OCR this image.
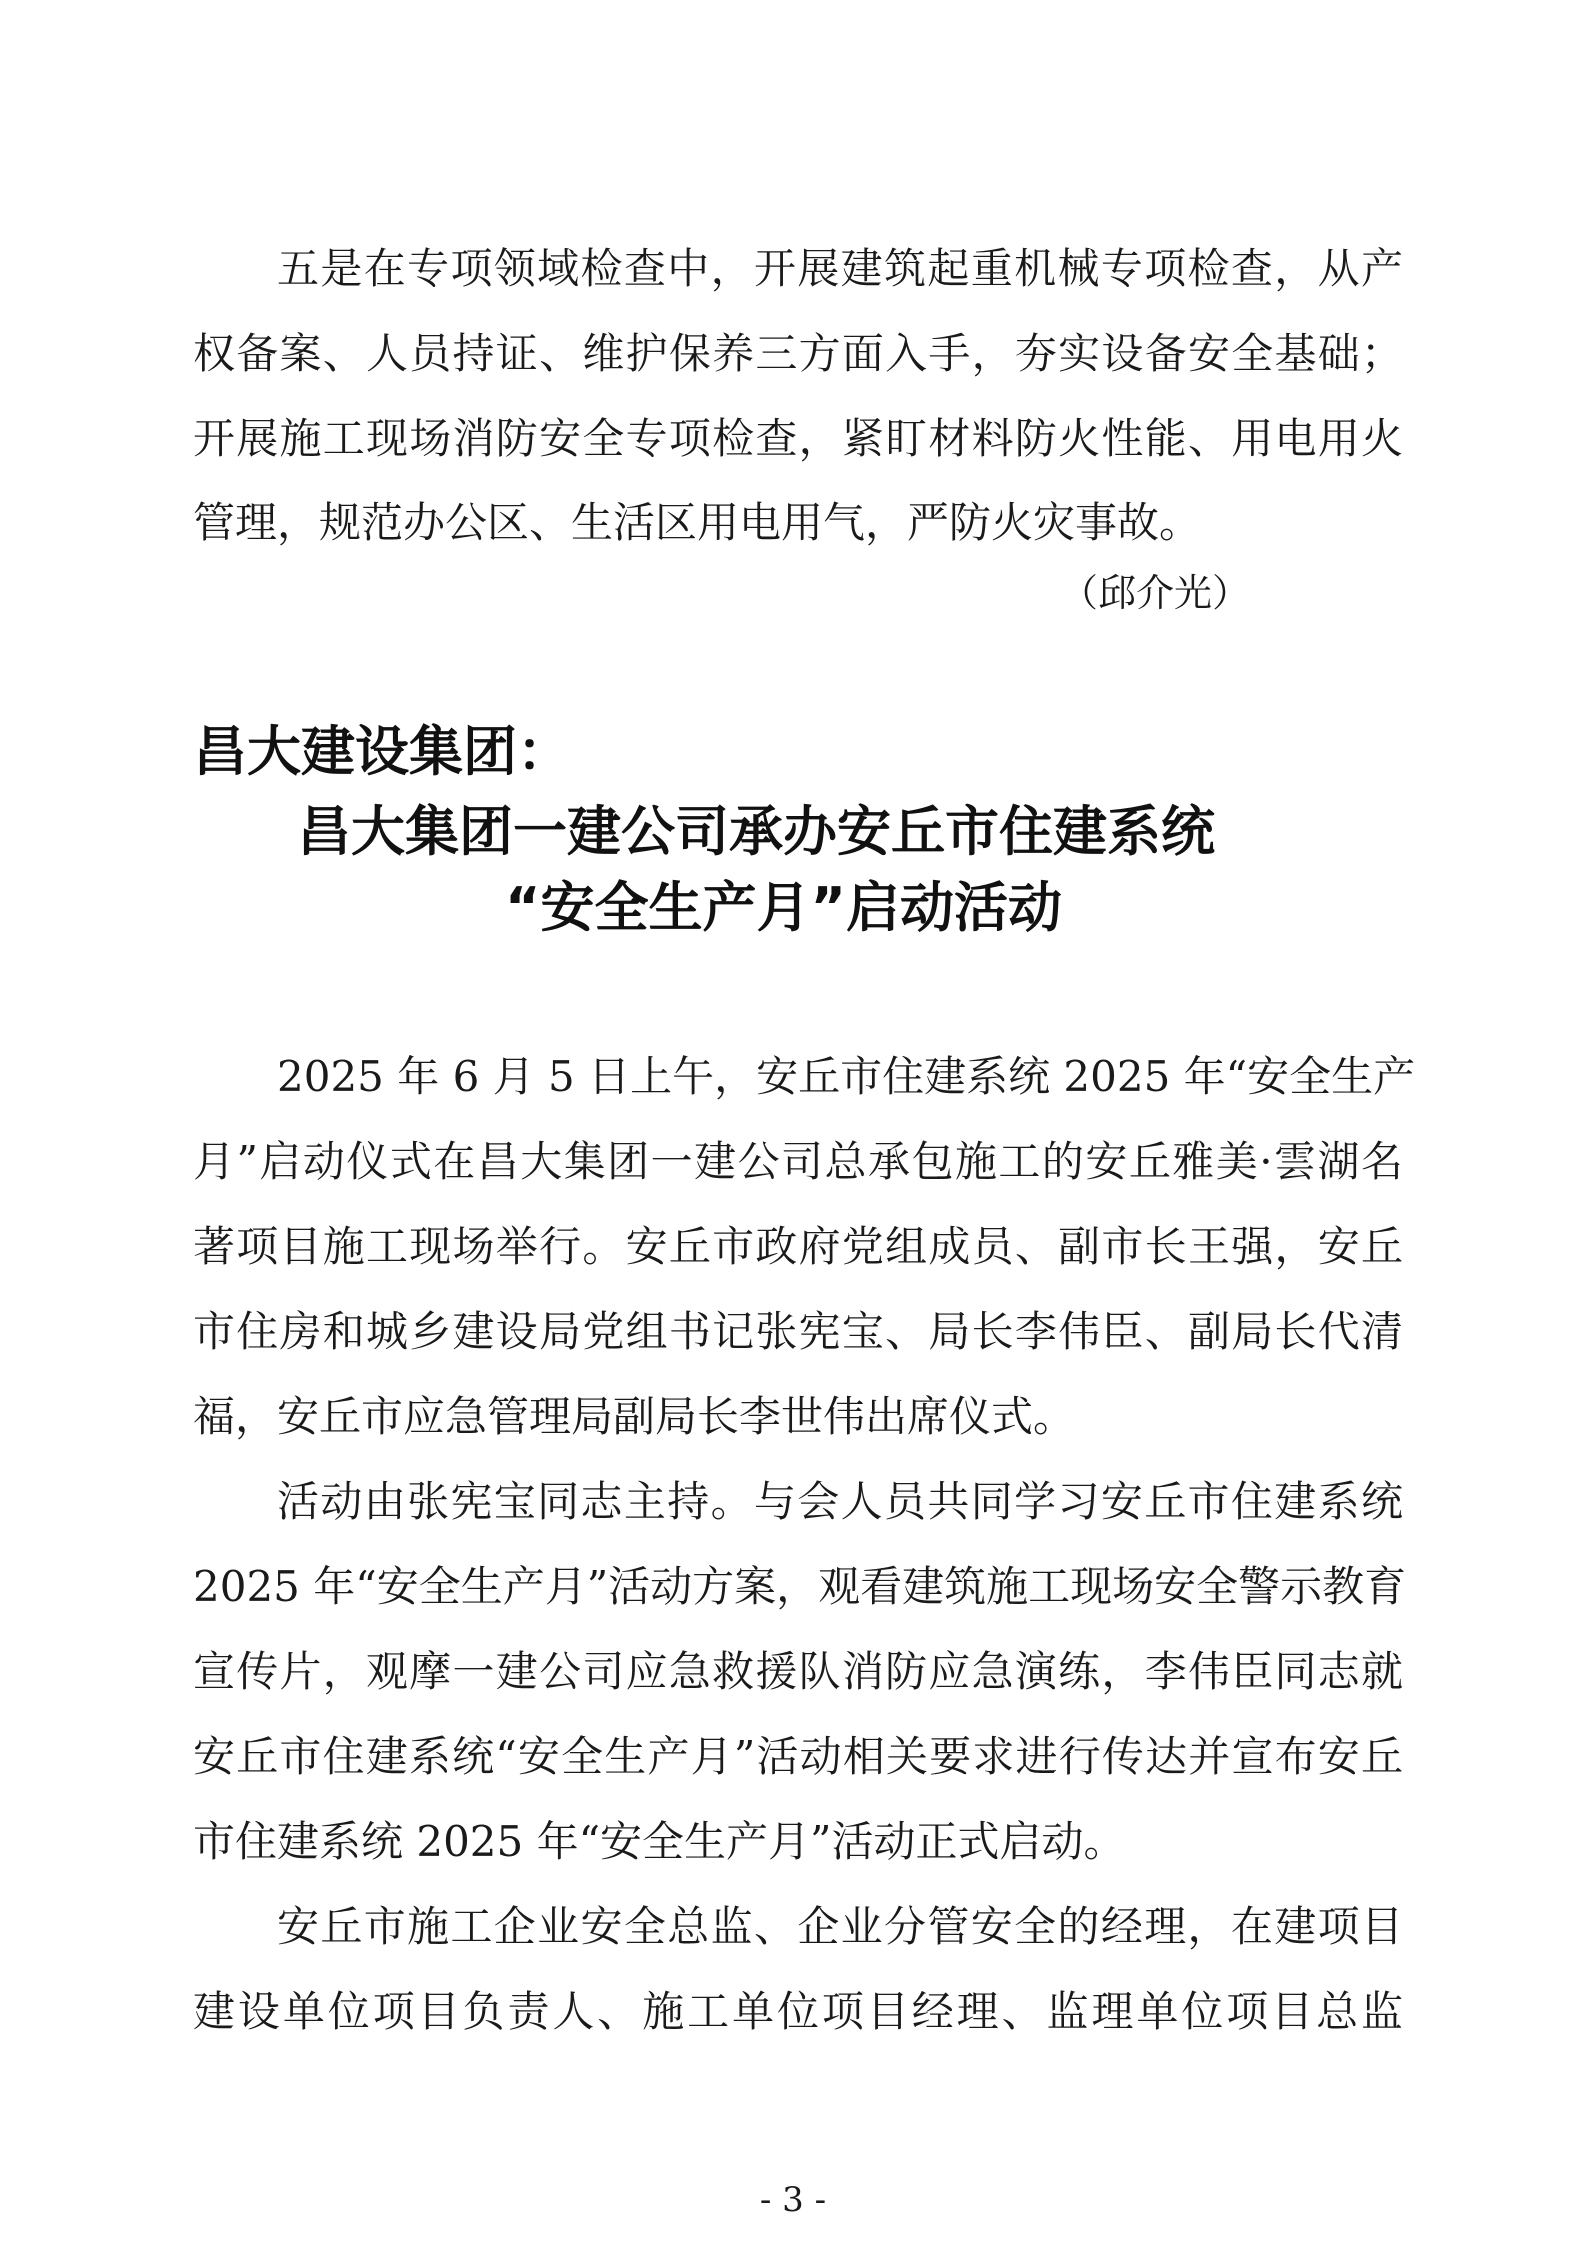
五是在专项领域检查中，开展建筑起重机械专项检查，从产
权备案、人员持证、维护保养三方面入手，夯实设备安全基础；
开展施工现场消防安全专项检查，紧盯材料防火性能、用电用火
管理，规范办公区、生活区用电用气，严防火灾事故。
（邱介光）
昌大建设集团：
昌大集团一建公司承办安丘市住建系统
“安全生产月”启动活动
2025 年 6 月 5 日上午，安丘市住建系统 2025 年“安全生产
月”启动仪式在昌大集团一建公司总承包施工的安丘雅美·雲湖名
著项目施工现场举行。安丘市政府党组成员、副市长王强，安丘
市住房和城乡建设局党组书记张宪宝、局长李伟臣、副局长代清
福，安丘市应急管理局副局长李世伟出席仪式。
活动由张宪宝同志主持。与会人员共同学习安丘市住建系统
2025 年“安全生产月”活动方案，观看建筑施工现场安全警示教育
宣传片，观摩一建公司应急救援队消防应急演练，李伟臣同志就
安丘市住建系统“安全生产月”活动相关要求进行传达并宣布安丘
市住建系统 2025 年“安全生产月”活动正式启动。
安丘市施工企业安全总监、企业分管安全的经理，在建项目
建设单位项目负责人、施工单位项目经理、监理单位项目总监
- 3 -
